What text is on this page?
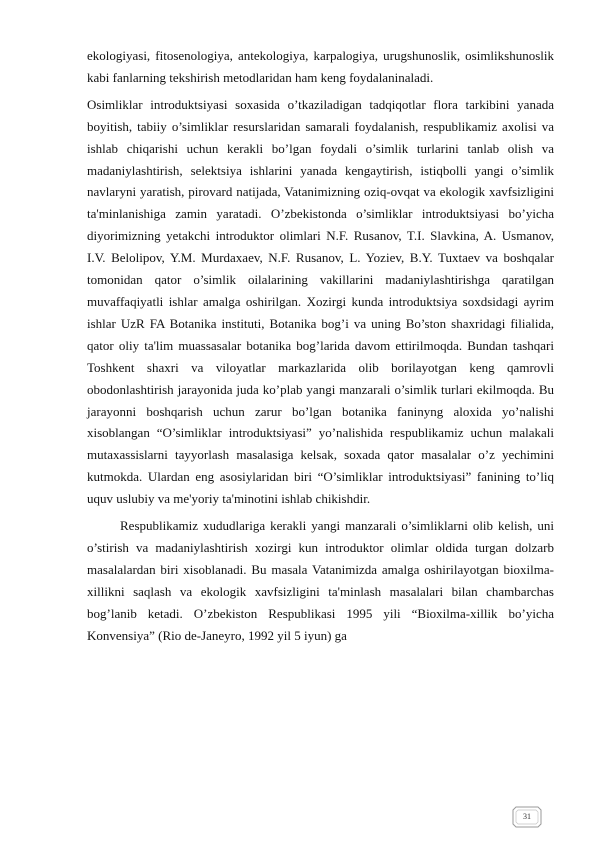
ekologiyasi, fitosenologiya, antekologiya, karpalogiya, urugshunoslik, osimlikshunoslik kabi fanlarning tekshirish metodlaridan ham keng foydalaninaladi.

Osimliklar introduktsiyasi soxasida o’tkaziladigan tadqiqotlar flora tarkibini yanada boyitish, tabiiy o’simliklar resurslaridan samarali foydalanish, respublikamiz axolisi va ishlab chiqarishi uchun kerakli bo’lgan foydali o’simlik turlarini tanlab olish va madaniylashtirish, selektsiya ishlarini yanada kengaytirish, istiqbolli yangi o’simlik navlaryni yaratish, pirovard natijada, Vatanimizning oziq-ovqat va ekologik xavfsizligini ta'minlanishiga zamin yaratadi. O’zbekistonda o’simliklar introduktsiyasi bo’yicha diyorimizning yetakchi introduktor olimlari N.F. Rusanov, T.I. Slavkina, A. Usmanov, I.V. Belolipov, Y.M. Murdaxaev, N.F. Rusanov, L. Yoziev, B.Y. Tuxtaev va boshqalar tomonidan qator o’simlik oilalarining vakillarini madaniylashtirishga qaratilgan muvaffaqiyatli ishlar amalga oshirilgan. Xozirgi kunda introduktsiya soxdsidagi ayrim ishlar UzR FA Botanika instituti, Botanika bog’i va uning Bo’ston shaxridagi filialida, qator oliy ta'lim muassasalar botanika bog’larida davom ettirilmoqda. Bundan tashqari Toshkent shaxri va viloyatlar markazlarida olib borilayotgan keng qamrovli obodonlashtirish jarayonida juda ko’plab yangi manzarali o’simlik turlari ekilmoqda. Bu jarayonni boshqarish uchun zarur bo’lgan botanika faninyng aloxida yo’nalishi xisoblangan “O’simliklar introduktsiyasi” yo’nalishida respublikamiz uchun malakali mutaxassislarni tayyorlash masalasiga kelsak, soxada qator masalalar o’z yechimini kutmokda. Ulardan eng asosiylaridan biri “O’simliklar introduktsiyasi” fanining to’liq uquv uslubiy va me'yoriy ta'minotini ishlab chikishdir.

Respublikamiz xududlariga kerakli yangi manzarali o’simliklarni olib kelish, uni o’stirish va madaniylashtirish xozirgi kun introduktor olimlar oldida turgan dolzarb masalalardan biri xisoblanadi. Bu masala Vatanimizda amalga oshirilayotgan bioxilma-xillikni saqlash va ekologik xavfsizligini ta'minlash masalalari bilan chambarchas bog’lanib ketadi. O’zbekiston Respublikasi 1995 yili “Bioxilma-xillik bo’yicha Konvensiya” (Rio de-Janeyro, 1992 yil 5 iyun) ga

31
